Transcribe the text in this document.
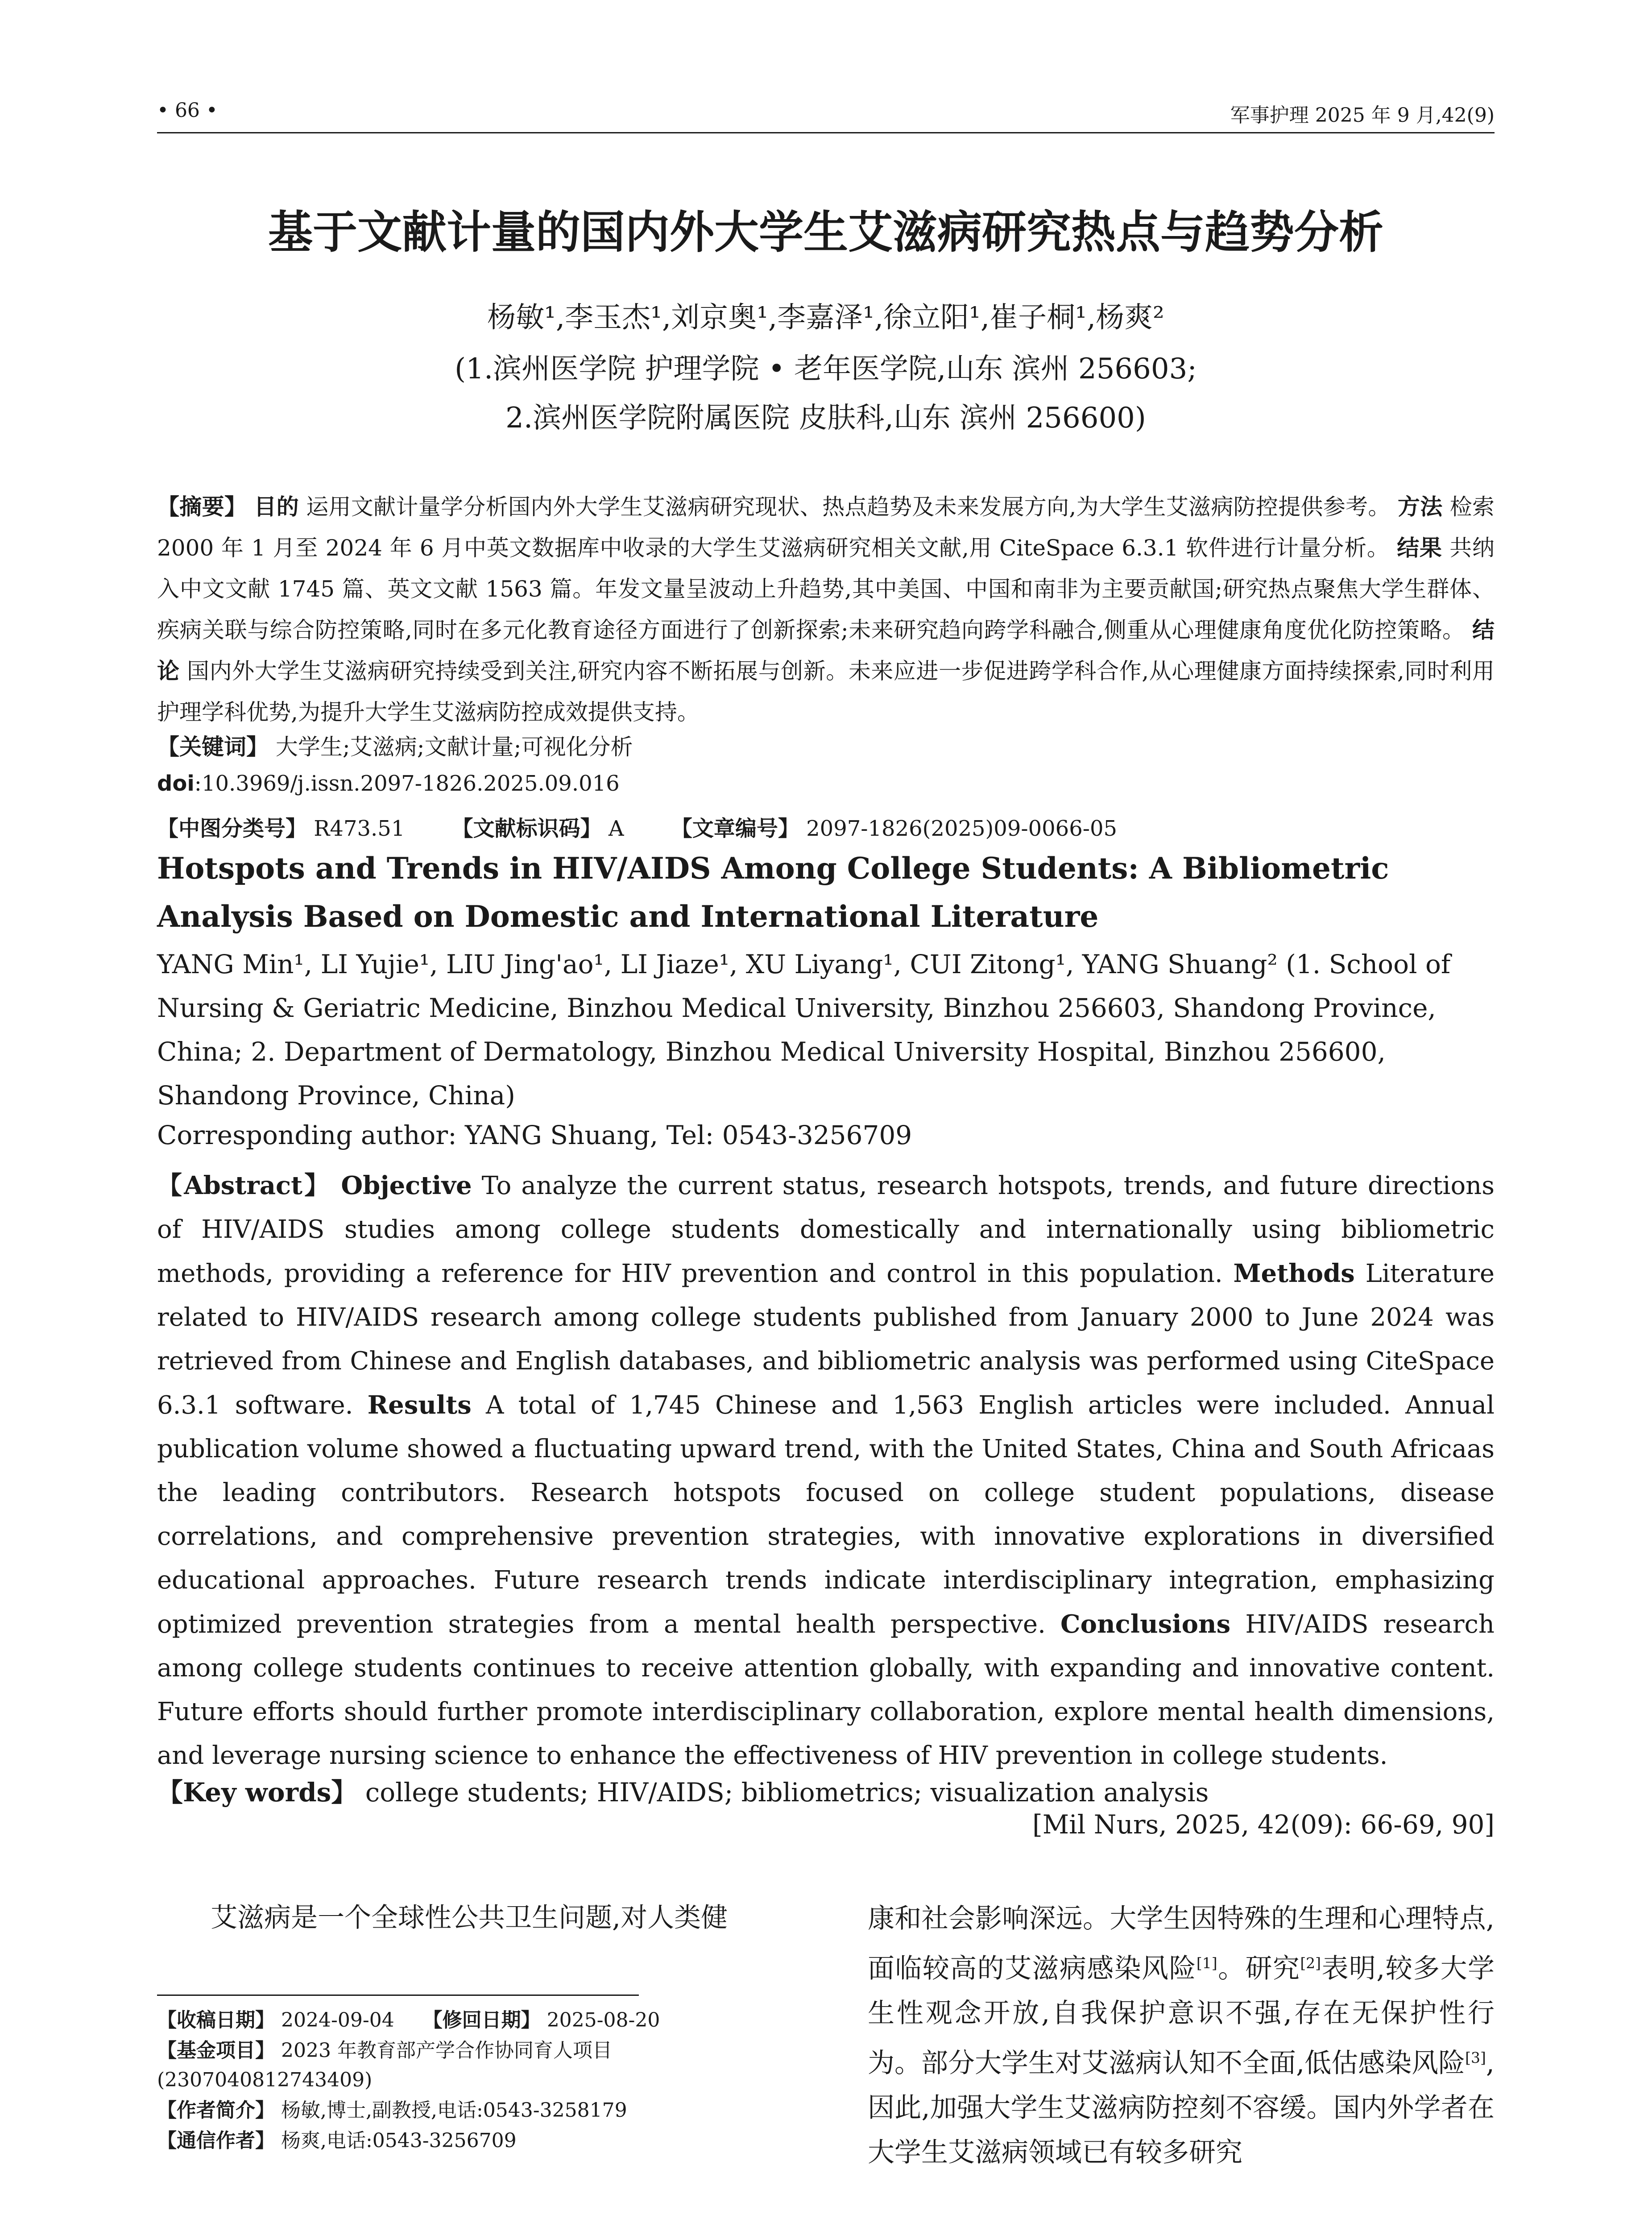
• 66 •	军事护理 2025 年 9 月,42(9)
基于文献计量的国内外大学生艾滋病研究热点与趋势分析
杨敏¹,李玉杰¹,刘京奥¹,李嘉泽¹,徐立阳¹,崔子桐¹,杨爽²
(1.滨州医学院 护理学院 • 老年医学院,山东 滨州 256603;
2.滨州医学院附属医院 皮肤科,山东 滨州 256600)
【摘要】 目的 运用文献计量学分析国内外大学生艾滋病研究现状、热点趋势及未来发展方向,为大学生艾滋病防控提供参考。 方法 检索 2000 年 1 月至 2024 年 6 月中英文数据库中收录的大学生艾滋病研究相关文献,用 CiteSpace 6.3.1 软件进行计量分析。 结果 共纳入中文文献 1745 篇、英文文献 1563 篇。年发文量呈波动上升趋势,其中美国、中国和南非为主要贡献国;研究热点聚焦大学生群体、疾病关联与综合防控策略,同时在多元化教育途径方面进行了创新探索;未来研究趋向跨学科融合,侧重从心理健康角度优化防控策略。 结论 国内外大学生艾滋病研究持续受到关注,研究内容不断拓展与创新。未来应进一步促进跨学科合作,从心理健康方面持续探索,同时利用护理学科优势,为提升大学生艾滋病防控成效提供支持。
【关键词】 大学生;艾滋病;文献计量;可视化分析
doi:10.3969/j.issn.2097-1826.2025.09.016
【中图分类号】 R473.51 【文献标识码】 A 【文章编号】 2097-1826(2025)09-0066-05
Hotspots and Trends in HIV/AIDS Among College Students: A Bibliometric Analysis Based on Domestic and International Literature
YANG Min¹, LI Yujie¹, LIU Jing'ao¹, LI Jiaze¹, XU Liyang¹, CUI Zitong¹, YANG Shuang² (1. School of Nursing & Geriatric Medicine, Binzhou Medical University, Binzhou 256603, Shandong Province, China; 2. Department of Dermatology, Binzhou Medical University Hospital, Binzhou 256600, Shandong Province, China)
Corresponding author: YANG Shuang, Tel: 0543-3256709
【Abstract】 Objective To analyze the current status, research hotspots, trends, and future directions of HIV/AIDS studies among college students domestically and internationally using bibliometric methods, providing a reference for HIV prevention and control in this population. Methods Literature related to HIV/AIDS research among college students published from January 2000 to June 2024 was retrieved from Chinese and English databases, and bibliometric analysis was performed using CiteSpace 6.3.1 software. Results A total of 1,745 Chinese and 1,563 English articles were included. Annual publication volume showed a fluctuating upward trend, with the United States, China and South Africaas the leading contributors. Research hotspots focused on college student populations, disease correlations, and comprehensive prevention strategies, with innovative explorations in diversified educational approaches. Future research trends indicate interdisciplinary integration, emphasizing optimized prevention strategies from a mental health perspective. Conclusions HIV/AIDS research among college students continues to receive attention globally, with expanding and innovative content. Future efforts should further promote interdisciplinary collaboration, explore mental health dimensions, and leverage nursing science to enhance the effectiveness of HIV prevention in college students.
【Key words】 college students; HIV/AIDS; bibliometrics; visualization analysis
[Mil Nurs, 2025, 42(09): 66-69, 90]
艾滋病是一个全球性公共卫生问题,对人类健
【收稿日期】 2024-09-04 【修回日期】 2025-08-20
【基金项目】 2023 年教育部产学合作协同育人项目(2307040812743409)
【作者简介】 杨敏,博士,副教授,电话:0543-3258179
【通信作者】 杨爽,电话:0543-3256709
康和社会影响深远。大学生因特殊的生理和心理特点,面临较高的艾滋病感染风险[1]。研究[2]表明,较多大学生性观念开放,自我保护意识不强,存在无保护性行为。部分大学生对艾滋病认知不全面,低估感染风险[3],因此,加强大学生艾滋病防控刻不容缓。国内外学者在大学生艾滋病领域已有较多研究
